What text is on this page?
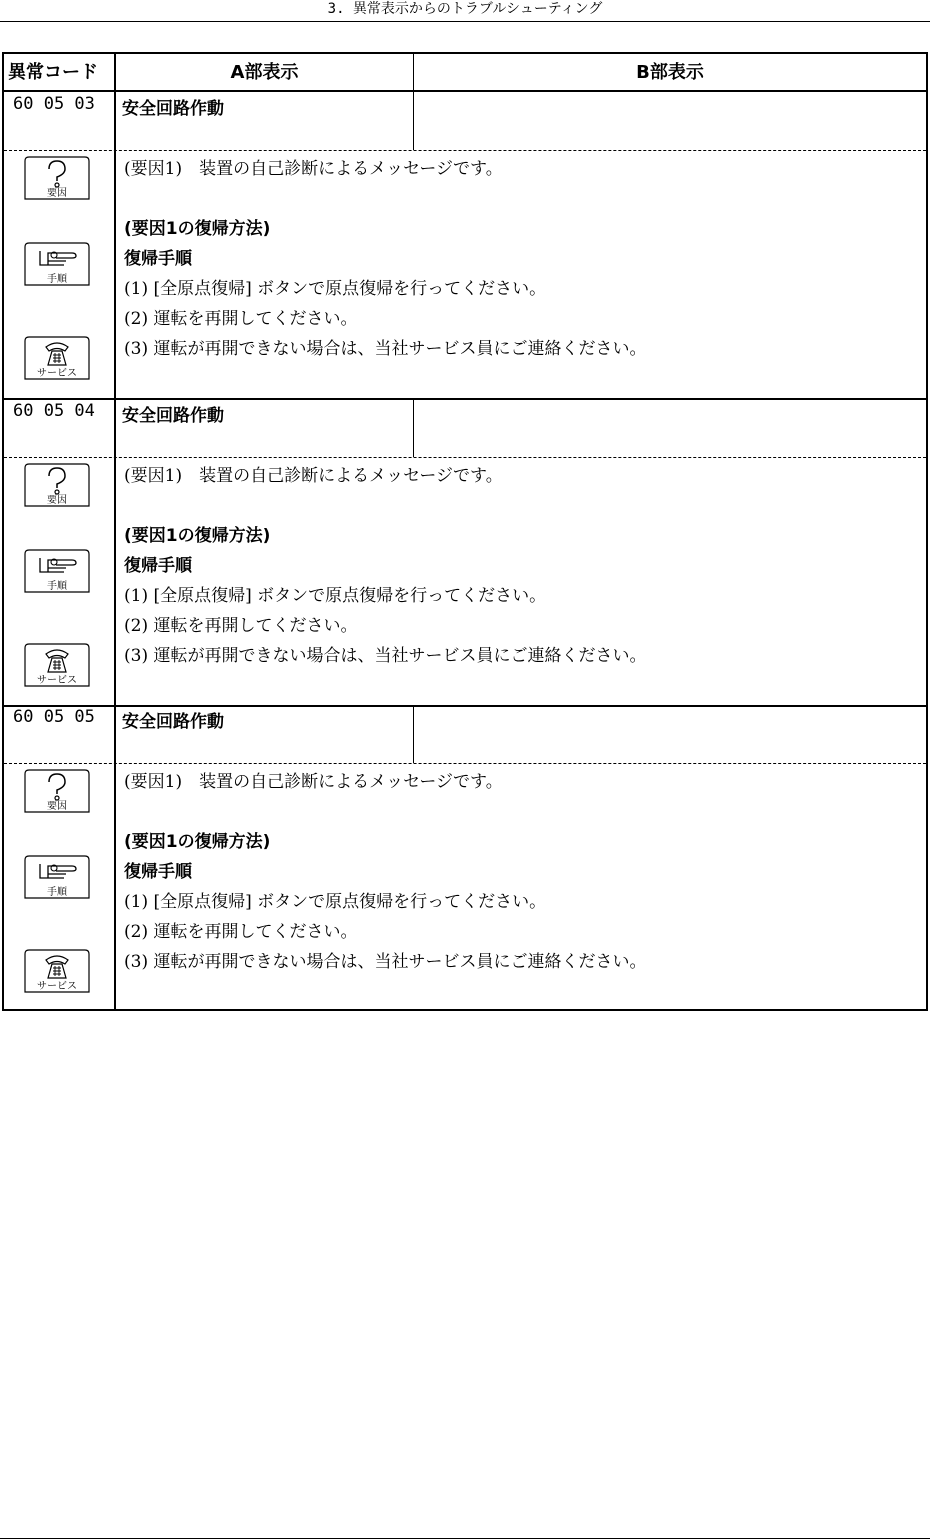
3. 異常表示からのトラブルシューティング
異常コード	A部表示	B部表示
60 05 03 安全回路作動
要因
手順
サービス
(要因1)　装置の自己診断によるメッセージです。
(要因1の復帰方法)
復帰手順
(1) [全原点復帰] ボタンで原点復帰を行ってください。
(2) 運転を再開してください。
(3) 運転が再開できない場合は、当社サービス員にご連絡ください。
60 05 04 安全回路作動
要因
手順
サービス
(要因1)　装置の自己診断によるメッセージです。
(要因1の復帰方法)
復帰手順
(1) [全原点復帰] ボタンで原点復帰を行ってください。
(2) 運転を再開してください。
(3) 運転が再開できない場合は、当社サービス員にご連絡ください。
60 05 05 安全回路作動
要因
手順
サービス
(要因1)　装置の自己診断によるメッセージです。
(要因1の復帰方法)
復帰手順
(1) [全原点復帰] ボタンで原点復帰を行ってください。
(2) 運転を再開してください。
(3) 運転が再開できない場合は、当社サービス員にご連絡ください。
